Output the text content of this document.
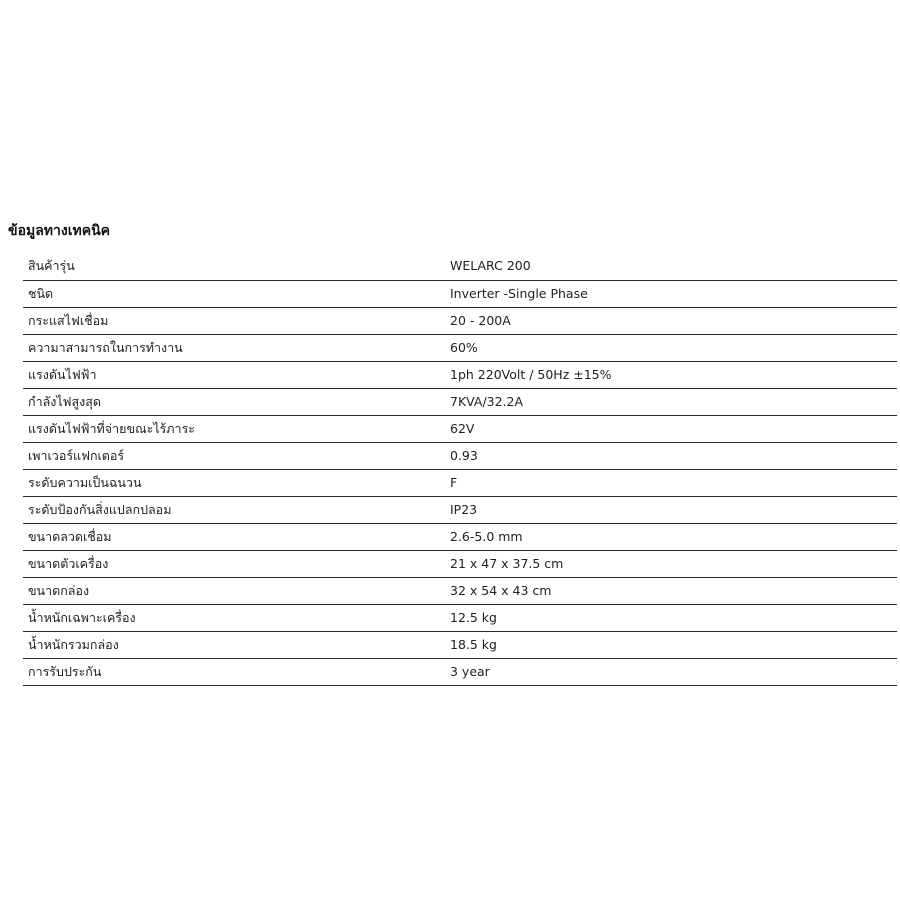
ข้อมูลทางเทคนิค
สินค้ารุ่น	WELARC 200
ชนิด	Inverter -Single Phase
กระแสไฟเชื่อม	20 - 200A
ความาสามารถในการทำงาน	60%
แรงดันไฟฟ้า	1ph 220Volt / 50Hz ±15%
กำลังไฟสูงสุด	7KVA/32.2A
แรงดันไฟฟ้าที่จ่ายขณะไร้ภาระ	62V
เพาเวอร์แฟกเตอร์	0.93
ระดับความเป็นฉนวน	F
ระดับป้องกันสิ่งแปลกปลอม	IP23
ขนาดลวดเชื่อม	2.6-5.0 mm
ขนาดตัวเครื่อง	21 x 47 x 37.5 cm
ขนาดกล่อง	32 x 54 x 43 cm
น้ำหนักเฉพาะเครื่อง	12.5 kg
น้ำหนักรวมกล่อง	18.5 kg
การรับประกัน	3 year
